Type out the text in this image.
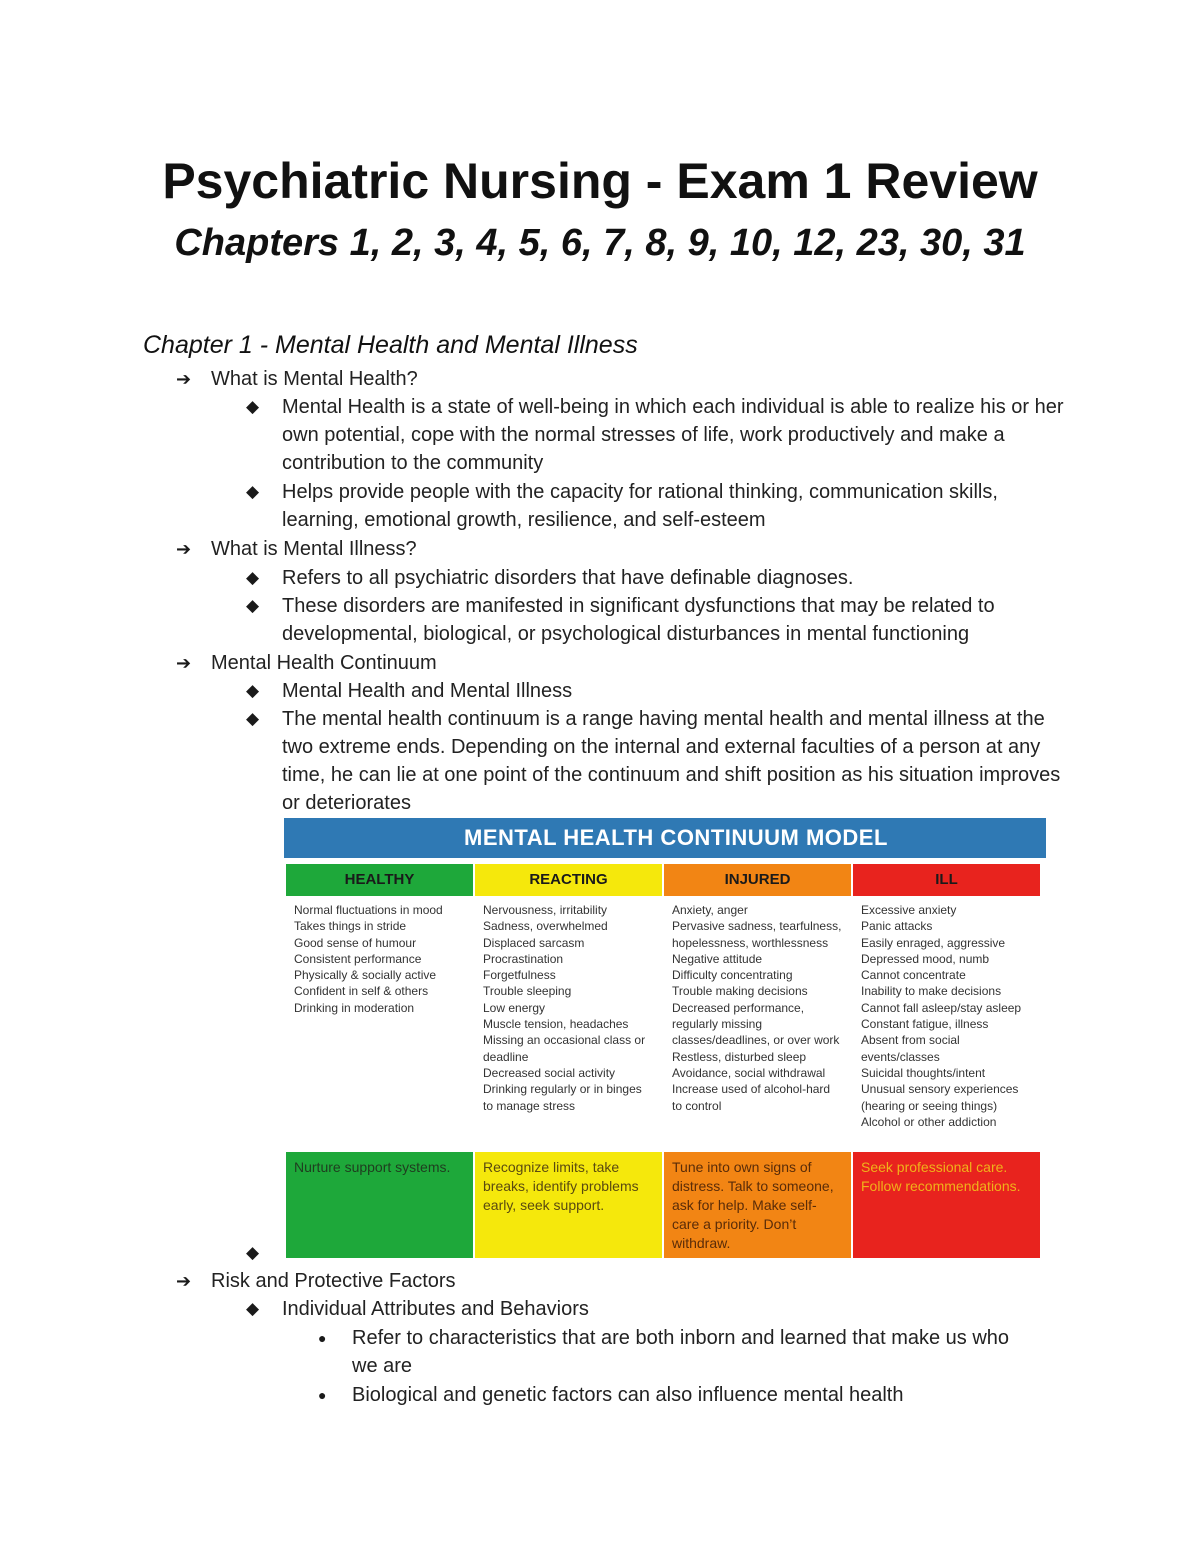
Psychiatric Nursing - Exam 1 Review
Chapters 1, 2, 3, 4, 5, 6, 7, 8, 9, 10, 12, 23, 30, 31
Chapter 1 - Mental Health and Mental Illness
➔ What is Mental Health?
◆ Mental Health is a state of well-being in which each individual is able to realize his or her own potential, cope with the normal stresses of life, work productively and make a contribution to the community
◆ Helps provide people with the capacity for rational thinking, communication skills, learning, emotional growth, resilience, and self-esteem
➔ What is Mental Illness?
◆ Refers to all psychiatric disorders that have definable diagnoses.
◆ These disorders are manifested in significant dysfunctions that may be related to developmental, biological, or psychological disturbances in mental functioning
➔ Mental Health Continuum
◆ Mental Health and Mental Illness
◆ The mental health continuum is a range having mental health and mental illness at the two extreme ends. Depending on the internal and external faculties of a person at any time, he can lie at one point of the continuum and shift position as his situation improves or deteriorates
MENTAL HEALTH CONTINUUM MODEL
HEALTHY
Normal fluctuations in mood
Takes things in stride
Good sense of humour
Consistent performance
Physically & socially active
Confident in self & others
Drinking in moderation
Nurture support systems.
REACTING
Nervousness, irritability
Sadness, overwhelmed
Displaced sarcasm
Procrastination
Forgetfulness
Trouble sleeping
Low energy
Muscle tension, headaches
Missing an occasional class or deadline
Decreased social activity
Drinking regularly or in binges to manage stress
Recognize limits, take breaks, identify problems early, seek support.
INJURED
Anxiety, anger
Pervasive sadness, tearfulness, hopelessness, worthlessness
Negative attitude
Difficulty concentrating
Trouble making decisions
Decreased performance, regularly missing classes/deadlines, or over work
Restless, disturbed sleep
Avoidance, social withdrawal
Increase used of alcohol-hard to control
Tune into own signs of distress. Talk to someone, ask for help. Make self-care a priority. Don’t withdraw.
ILL
Excessive anxiety
Panic attacks
Easily enraged, aggressive
Depressed mood, numb
Cannot concentrate
Inability to make decisions
Cannot fall asleep/stay asleep
Constant fatigue, illness
Absent from social events/classes
Suicidal thoughts/intent
Unusual sensory experiences (hearing or seeing things)
Alcohol or other addiction
Seek professional care. Follow recommendations.
◆
➔ Risk and Protective Factors
◆ Individual Attributes and Behaviors
● Refer to characteristics that are both inborn and learned that make us who we are
● Biological and genetic factors can also influence mental health
